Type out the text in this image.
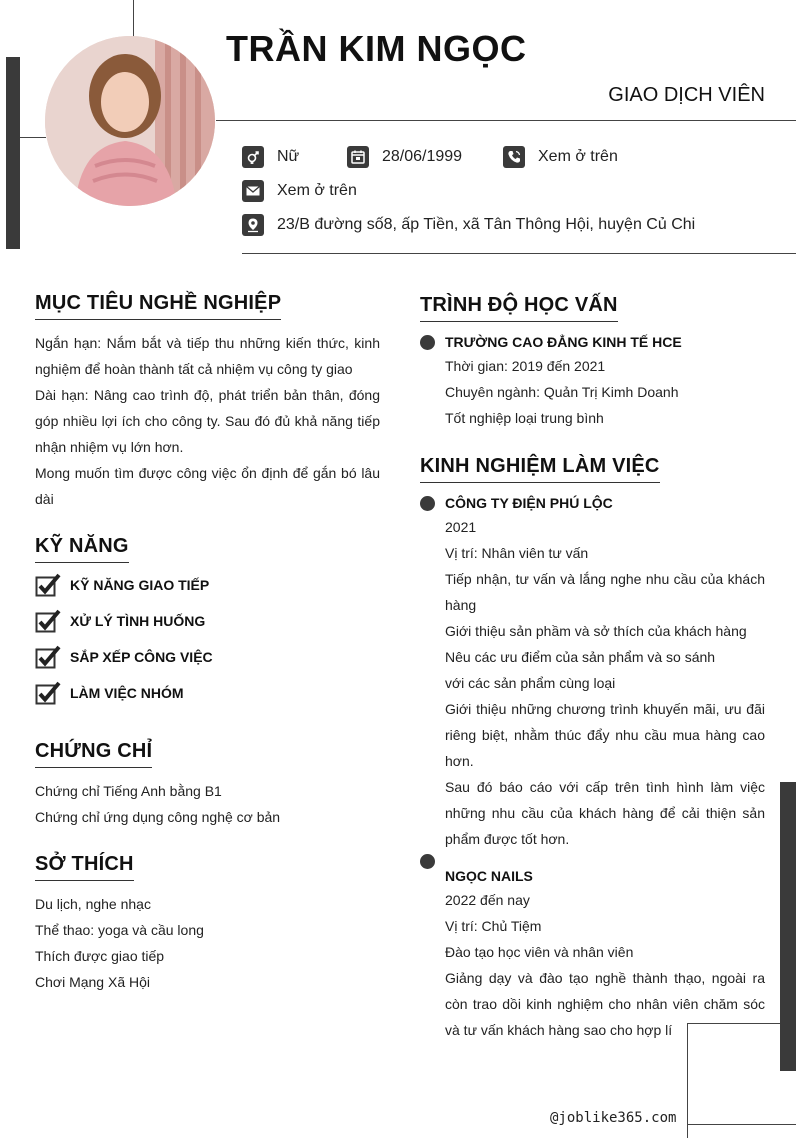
TRẦN KIM NGỌC
GIAO DỊCH VIÊN
Nữ	28/06/1999	Xem ở trên
Xem ở trên
23/B đường số8, ấp Tiền, xã Tân Thông Hội, huyện Củ Chi
MỤC TIÊU NGHỀ NGHIỆP

Ngắn hạn: Nắm bắt và tiếp thu những kiến thức, kinh nghiệm để hoàn thành tất cả nhiệm vụ công ty giao

Dài hạn: Nâng cao trình độ, phát triển bản thân, đóng góp nhiều lợi ích cho công ty. Sau đó đủ khả năng tiếp nhận nhiệm vụ lớn hơn.

Mong muốn tìm được công việc ổn định để gắn bó lâu dài

KỸ NĂNG
KỸ NĂNG GIAO TIẾP
XỬ LÝ TÌNH HUỐNG
SẮP XẾP CÔNG VIỆC
LÀM VIỆC NHÓM
CHỨNG CHỈ

Chứng chỉ Tiếng Anh bằng B1

Chứng chỉ ứng dụng công nghệ cơ bản

SỞ THÍCH

Du lịch, nghe nhạc

Thể thao: yoga và cầu long

Thích được giao tiếp

Chơi Mạng Xã Hội

TRÌNH ĐỘ HỌC VẤN
TRƯỜNG CAO ĐẲNG KINH TẾ HCE

Thời gian: 2019 đến 2021

Chuyên ngành: Quản Trị Kimh Doanh

Tốt nghiệp loại trung bình

KINH NGHIỆM LÀM VIỆC
CÔNG TY ĐIỆN PHÚ LỘC

2021

Vị trí: Nhân viên tư vấn

Tiếp nhận, tư vấn và lắng nghe nhu cầu của khách hàng

Giới thiệu sản phầm và sở thích của khách hàng

Nêu các ưu điểm của sản phẩm và so sánh

với các sản phẩm cùng loại

Giới thiệu những chương trình khuyến mãi, ưu đãi riêng biệt, nhằm thúc đẩy nhu cầu mua hàng cao hơn.

Sau đó báo cáo với cấp trên tình hình làm việc những nhu cầu của khách hàng để cải thiện sản phẩm được tốt hơn.

NGỌC NAILS

2022 đến nay

Vị trí: Chủ Tiệm

Đào tạo học viên và nhân viên

Giảng dạy và đào tạo nghề thành thạo, ngoài ra còn trao dồi kinh nghiệm cho nhân viên chăm sóc và tư vấn khách hàng sao cho hợp lí

@joblike365.com
